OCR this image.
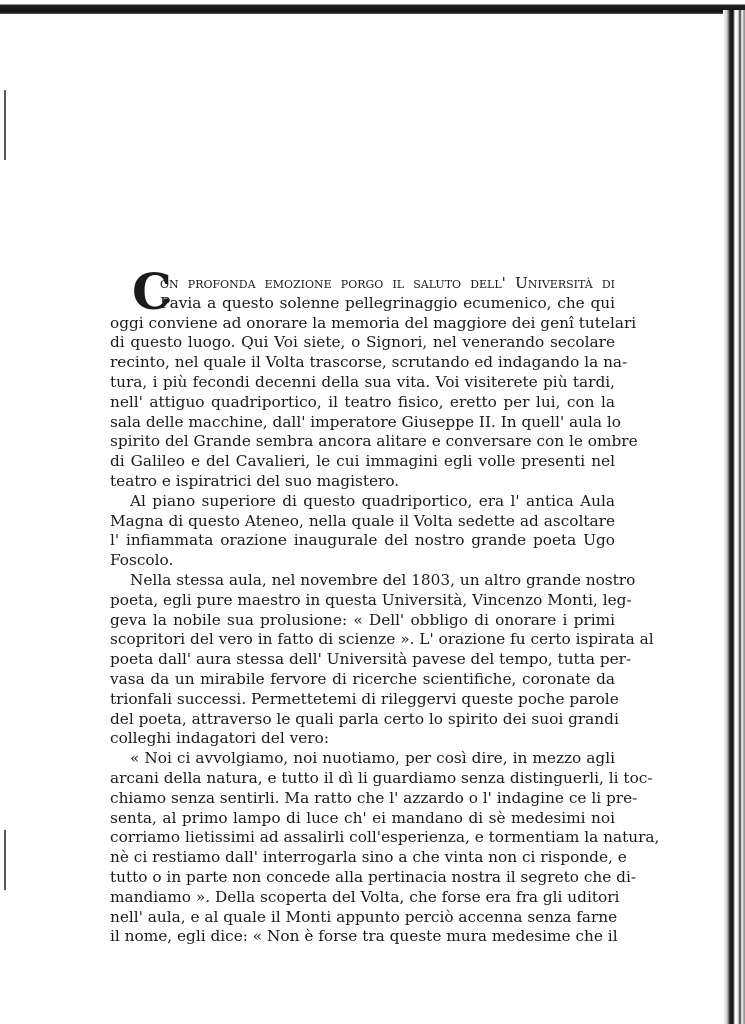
C
on profonda emozione porgo il saluto dell' Università di
Pavia a questo solenne pellegrinaggio ecumenico, che qui
oggi conviene ad onorare la memoria del maggiore dei genî tutelari
di questo luogo. Qui Voi siete, o Signori, nel venerando secolare
recinto, nel quale il Volta trascorse, scrutando ed indagando la na-
tura, i più fecondi decenni della sua vita. Voi visiterete più tardi,
nell' attiguo quadriportico, il teatro fisico, eretto per lui, con la
sala delle macchine, dall' imperatore Giuseppe II. In quell' aula lo
spirito del Grande sembra ancora alitare e conversare con le ombre
di Galileo e del Cavalieri, le cui immagini egli volle presenti nel
teatro e ispiratrici del suo magistero.
Al piano superiore di questo quadriportico, era l' antica Aula
Magna di questo Ateneo, nella quale il Volta sedette ad ascoltare
l' infiammata orazione inaugurale del nostro grande poeta Ugo
Foscolo.
Nella stessa aula, nel novembre del 1803, un altro grande nostro
poeta, egli pure maestro in questa Università, Vincenzo Monti, leg-
geva la nobile sua prolusione: « Dell' obbligo di onorare i primi
scopritori del vero in fatto di scienze ». L' orazione fu certo ispirata al
poeta dall' aura stessa dell' Università pavese del tempo, tutta per-
vasa da un mirabile fervore di ricerche scientifiche, coronate da
trionfali successi. Permettetemi di rileggervi queste poche parole
del poeta, attraverso le quali parla certo lo spirito dei suoi grandi
colleghi indagatori del vero:
« Noi ci avvolgiamo, noi nuotiamo, per così dire, in mezzo agli
arcani della natura, e tutto il dì li guardiamo senza distinguerli, li toc-
chiamo senza sentirli. Ma ratto che l' azzardo o l' indagine ce li pre-
senta, al primo lampo di luce ch' ei mandano di sè medesimi noi
corriamo lietissimi ad assalirli coll'esperienza, e tormentiam la natura,
nè ci restiamo dall' interrogarla sino a che vinta non ci risponde, e
tutto o in parte non concede alla pertinacia nostra il segreto che di-
mandiamo ». Della scoperta del Volta, che forse era fra gli uditori
nell' aula, e al quale il Monti appunto perciò accenna senza farne
il nome, egli dice: « Non è forse tra queste mura medesime che il
